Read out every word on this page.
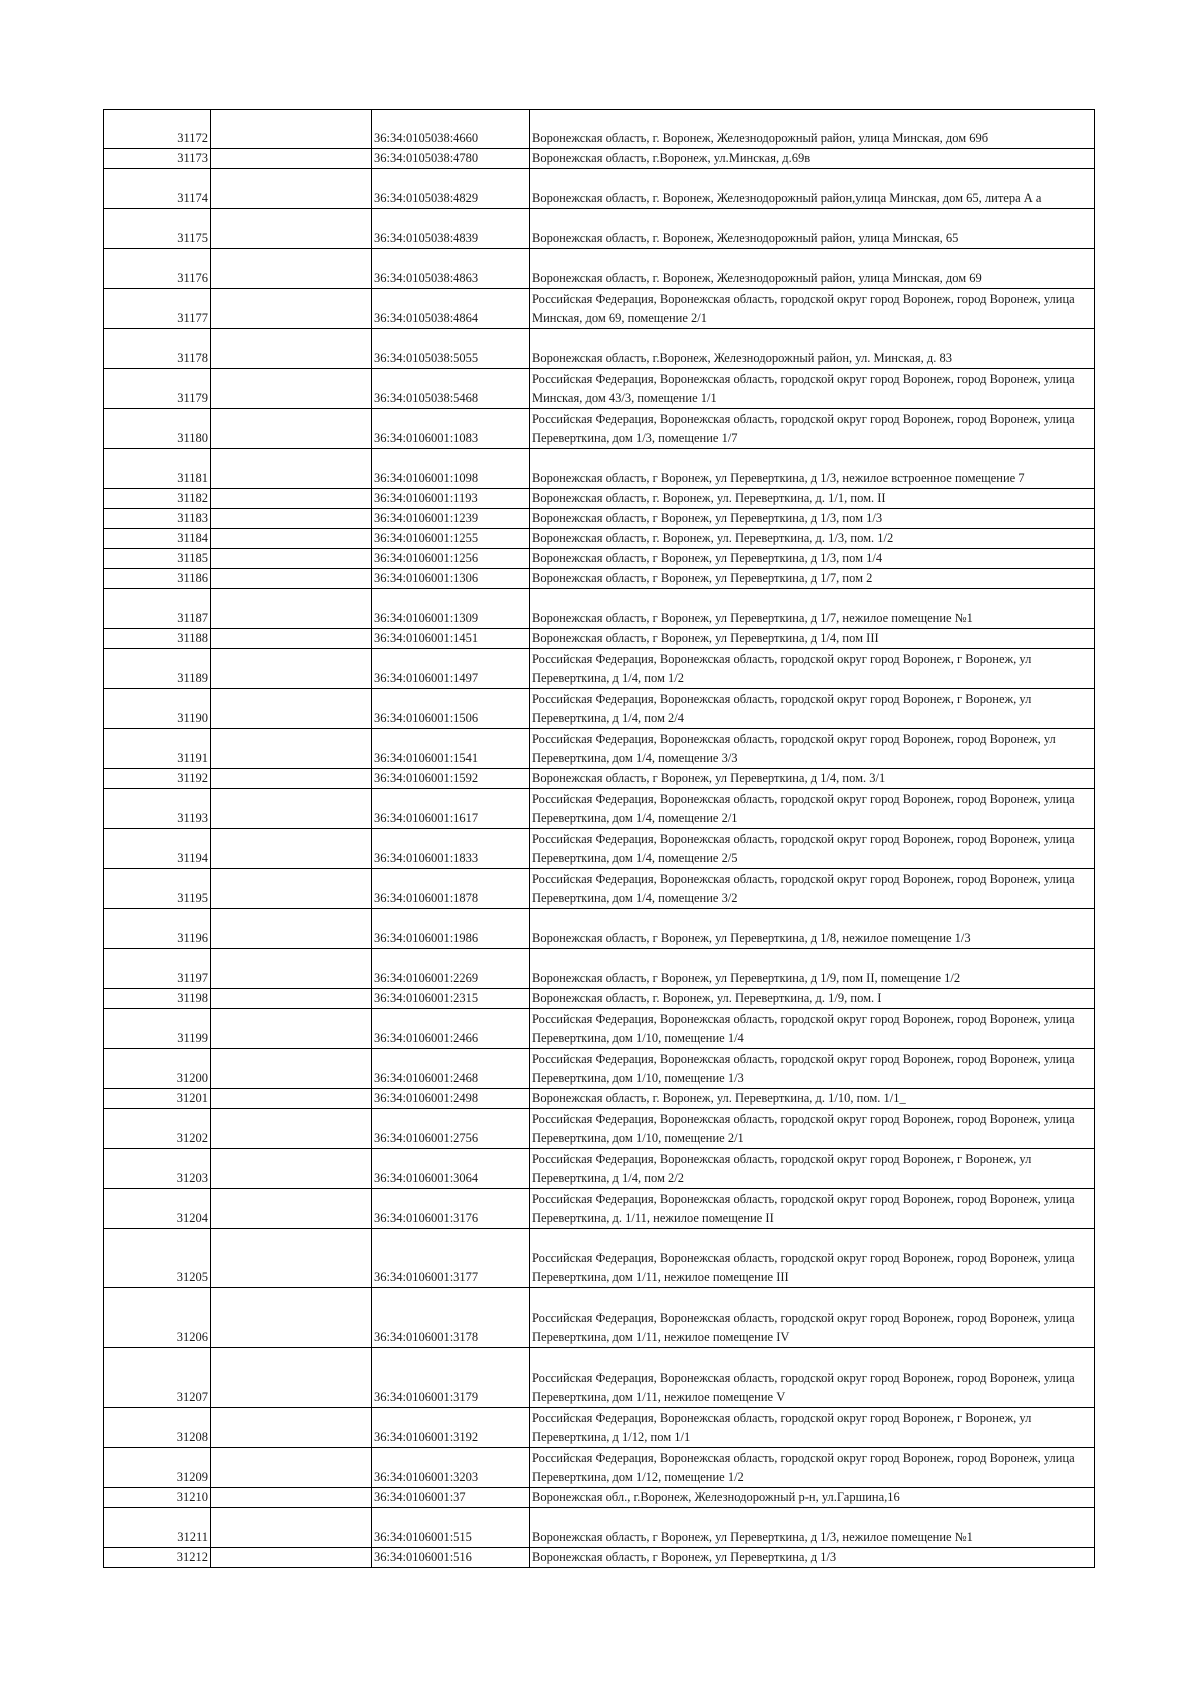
31172		36:34:0105038:4660	Воронежская область, г. Воронеж, Железнодорожный район, улица Минская, дом 69б
31173		36:34:0105038:4780	Воронежская область, г.Воронеж, ул.Минская, д.69в
31174		36:34:0105038:4829	Воронежская область, г. Воронеж, Железнодорожный район,улица Минская, дом 65, литера А а
31175		36:34:0105038:4839	Воронежская область, г. Воронеж, Железнодорожный район, улица Минская, 65
31176		36:34:0105038:4863	Воронежская область, г. Воронеж, Железнодорожный район, улица Минская, дом 69
31177		36:34:0105038:4864	Российская Федерация, Воронежская область, городской округ город Воронеж, город Воронеж, улица Минская, дом 69, помещение 2/1
31178		36:34:0105038:5055	Воронежская область, г.Воронеж, Железнодорожный район, ул. Минская, д. 83
31179		36:34:0105038:5468	Российская Федерация, Воронежская область, городской округ город Воронеж, город Воронеж, улица Минская, дом 43/3, помещение 1/1
31180		36:34:0106001:1083	Российская Федерация, Воронежская область, городской округ город Воронеж, город Воронеж, улица Переверткина, дом 1/3, помещение 1/7
31181		36:34:0106001:1098	Воронежская область, г Воронеж, ул Переверткина, д 1/3, нежилое встроенное помещение 7
31182		36:34:0106001:1193	Воронежская область, г. Воронеж, ул. Переверткина, д. 1/1, пом. II
31183		36:34:0106001:1239	Воронежская область, г Воронеж, ул Переверткина, д 1/3, пом 1/3
31184		36:34:0106001:1255	Воронежская область, г. Воронеж, ул. Переверткина, д. 1/3, пом. 1/2
31185		36:34:0106001:1256	Воронежская область, г Воронеж, ул Переверткина, д 1/3, пом 1/4
31186		36:34:0106001:1306	Воронежская область, г Воронеж, ул Переверткина, д 1/7, пом 2
31187		36:34:0106001:1309	Воронежская область, г Воронеж, ул Переверткина, д 1/7, нежилое помещение №1
31188		36:34:0106001:1451	Воронежская область, г Воронеж, ул Переверткина, д 1/4, пом III
31189		36:34:0106001:1497	Российская Федерация, Воронежская область, городской округ город Воронеж, г Воронеж, ул Переверткина, д 1/4, пом 1/2
31190		36:34:0106001:1506	Российская Федерация, Воронежская область, городской округ город Воронеж, г Воронеж, ул Переверткина, д 1/4, пом 2/4
31191		36:34:0106001:1541	Российская Федерация, Воронежская область, городской округ город Воронеж, город Воронеж, ул Переверткина, дом 1/4, помещение 3/3
31192		36:34:0106001:1592	Воронежская область, г Воронеж, ул Переверткина, д 1/4, пом. 3/1
31193		36:34:0106001:1617	Российская Федерация, Воронежская область, городской округ город Воронеж, город Воронеж, улица Переверткина, дом 1/4, помещение 2/1
31194		36:34:0106001:1833	Российская Федерация, Воронежская область, городской округ город Воронеж, город Воронеж, улица Переверткина, дом 1/4, помещение 2/5
31195		36:34:0106001:1878	Российская Федерация, Воронежская область, городской округ город Воронеж, город Воронеж, улица Переверткина, дом 1/4, помещение 3/2
31196		36:34:0106001:1986	Воронежская область, г Воронеж, ул Переверткина, д 1/8, нежилое помещение 1/3
31197		36:34:0106001:2269	Воронежская область, г Воронеж, ул Переверткина, д 1/9, пом II, помещение 1/2
31198		36:34:0106001:2315	Воронежская область, г. Воронеж, ул. Переверткина, д. 1/9, пом. I
31199		36:34:0106001:2466	Российская Федерация, Воронежская область, городской округ город Воронеж, город Воронеж, улица Переверткина, дом 1/10, помещение 1/4
31200		36:34:0106001:2468	Российская Федерация, Воронежская область, городской округ город Воронеж, город Воронеж, улица Переверткина, дом 1/10, помещение 1/3
31201		36:34:0106001:2498	Воронежская область, г. Воронеж, ул. Переверткина, д. 1/10, пом. 1/1_
31202		36:34:0106001:2756	Российская Федерация, Воронежская область, городской округ город Воронеж, город Воронеж, улица Переверткина, дом 1/10, помещение 2/1
31203		36:34:0106001:3064	Российская Федерация, Воронежская область, городской округ город Воронеж, г Воронеж, ул Переверткина, д 1/4, пом 2/2
31204		36:34:0106001:3176	Российская Федерация, Воронежская область, городской округ город Воронеж, город Воронеж, улица Переверткина, д. 1/11, нежилое помещение II
31205		36:34:0106001:3177	Российская Федерация, Воронежская область, городской округ город Воронеж, город Воронеж, улица Переверткина, дом 1/11, нежилое помещение III
31206		36:34:0106001:3178	Российская Федерация, Воронежская область, городской округ город Воронеж, город Воронеж, улица Переверткина, дом 1/11, нежилое помещение IV
31207		36:34:0106001:3179	Российская Федерация, Воронежская область, городской округ город Воронеж, город Воронеж, улица Переверткина, дом 1/11, нежилое помещение V
31208		36:34:0106001:3192	Российская Федерация, Воронежская область, городской округ город Воронеж, г Воронеж, ул Переверткина, д 1/12, пом 1/1
31209		36:34:0106001:3203	Российская Федерация, Воронежская область, городской округ город Воронеж, город Воронеж, улица Переверткина, дом 1/12, помещение 1/2
31210		36:34:0106001:37	Воронежская обл., г.Воронеж, Железнодорожный р-н, ул.Гаршина,16
31211		36:34:0106001:515	Воронежская область, г Воронеж, ул Переверткина, д 1/3, нежилое помещение №1
31212		36:34:0106001:516	Воронежская область, г Воронеж, ул Переверткина, д 1/3
